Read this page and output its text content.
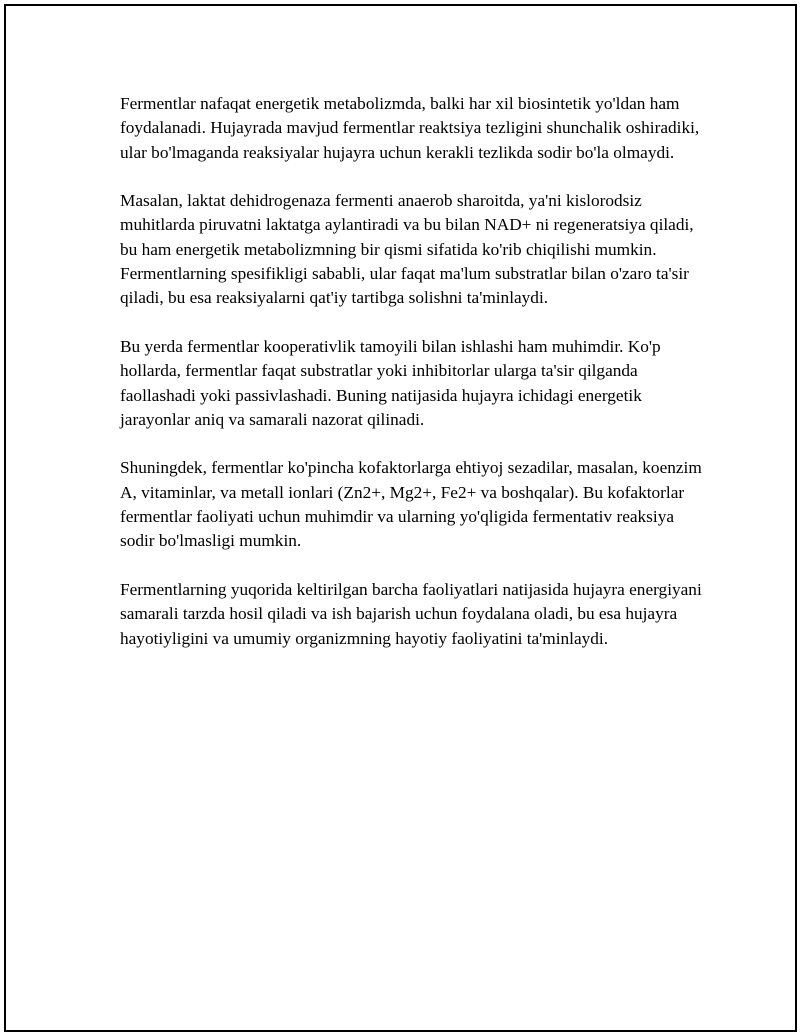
Fermentlar nafaqat energetik metabolizmda, balki har xil biosintetik yo'ldan ham foydalanadi. Hujayrada mavjud fermentlar reaktsiya tezligini shunchalik oshiradiki, ular bo'lmaganda reaksiyalar hujayra uchun kerakli tezlikda sodir bo'la olmaydi.

Masalan, laktat dehidrogenaza fermenti anaerob sharoitda, ya'ni kislorodsiz muhitlarda piruvatni laktatga aylantiradi va bu bilan NAD+ ni regeneratsiya qiladi, bu ham energetik metabolizmning bir qismi sifatida ko'rib chiqilishi mumkin. Fermentlarning spesifikligi sababli, ular faqat ma'lum substratlar bilan o'zaro ta'sir qiladi, bu esa reaksiyalarni qat'iy tartibga solishni ta'minlaydi.

Bu yerda fermentlar kooperativlik tamoyili bilan ishlashi ham muhimdir. Ko'p hollarda, fermentlar faqat substratlar yoki inhibitorlar ularga ta'sir qilganda faollashadi yoki passivlashadi. Buning natijasida hujayra ichidagi energetik jarayonlar aniq va samarali nazorat qilinadi.

Shuningdek, fermentlar ko'pincha kofaktorlarga ehtiyoj sezadilar, masalan, koenzim A, vitaminlar, va metall ionlari (Zn2+, Mg2+, Fe2+ va boshqalar). Bu kofaktorlar fermentlar faoliyati uchun muhimdir va ularning yo'qligida fermentativ reaksiya sodir bo'lmasligi mumkin.

Fermentlarning yuqorida keltirilgan barcha faoliyatlari natijasida hujayra energiyani samarali tarzda hosil qiladi va ish bajarish uchun foydalana oladi, bu esa hujayra hayotiyligini va umumiy organizmning hayotiy faoliyatini ta'minlaydi.
